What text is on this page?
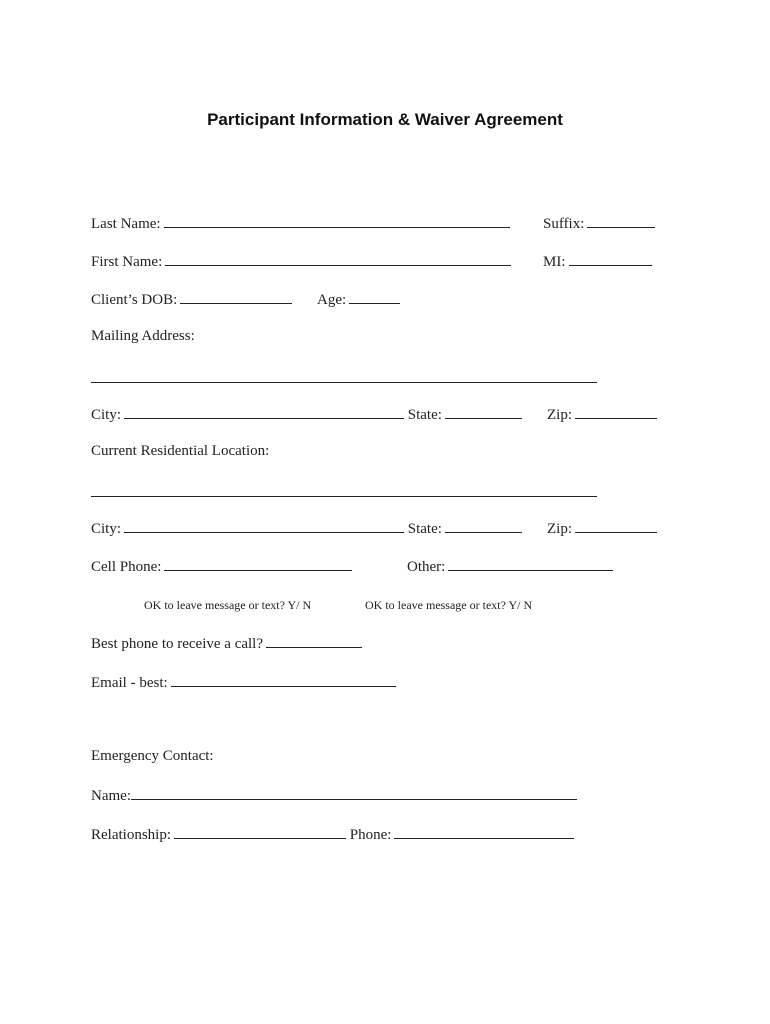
Participant Information & Waiver Agreement
Last Name:	Suffix:
First Name:	MI:
Client’s DOB:	Age:
Mailing Address:
City:	State:	Zip:
Current Residential Location:
City:	State:	Zip:
Cell Phone:	Other:
OK to leave message or text? Y/ N	OK to leave message or text? Y/ N
Best phone to receive a call?
Email - best:
Emergency Contact:
Name:
Relationship:	Phone:
